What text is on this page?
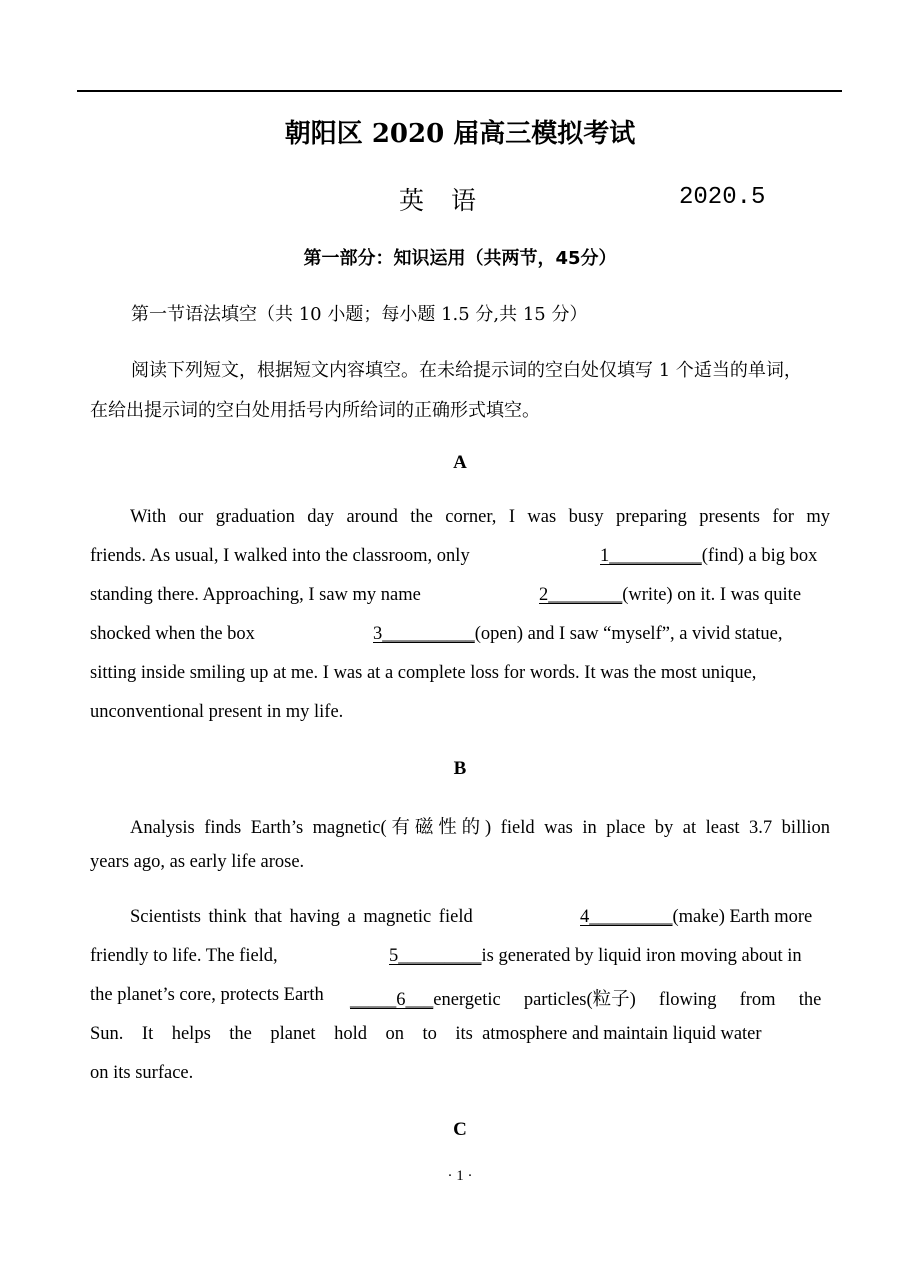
朝阳区 2020 届高三模拟考试
英语	2020.5
第一部分：知识运用（共两节，45分）
第一节语法填空（共 10 小题；每小题 1.5 分,共 15 分）
阅读下列短文，根据短文内容填空。在未给提示词的空白处仅填写 1 个适当的单词，
在给出提示词的空白处用括号内所给词的正确形式填空。
A
With our graduation day around the corner, I was busy preparing presents for my
friends. As usual, I walked into the classroom, only	1__________(find) a big box
standing there. Approaching, I saw my name	2________(write) on it. I was quite
shocked when the box	3__________(open) and I saw “myself”, a vivid statue,
sitting inside smiling up at me. I was at a complete loss for words. It was the most unique,
unconventional present in my life.
B
Analysis finds Earth’s magnetic(有磁性的) field was in place by at least 3.7 billion
years ago, as early life arose.
Scientists think that having a magnetic field	4_________(make) Earth more
friendly to life. The field,	5_________is generated by liquid iron moving about in
the planet’s core, protects Earth _____6___energetic     particles(粒子)     flowing     from     the
Sun.    It    helps    the    planet    hold    on    to    its  atmosphere and maintain liquid water
on its surface.
C
· 1 ·
